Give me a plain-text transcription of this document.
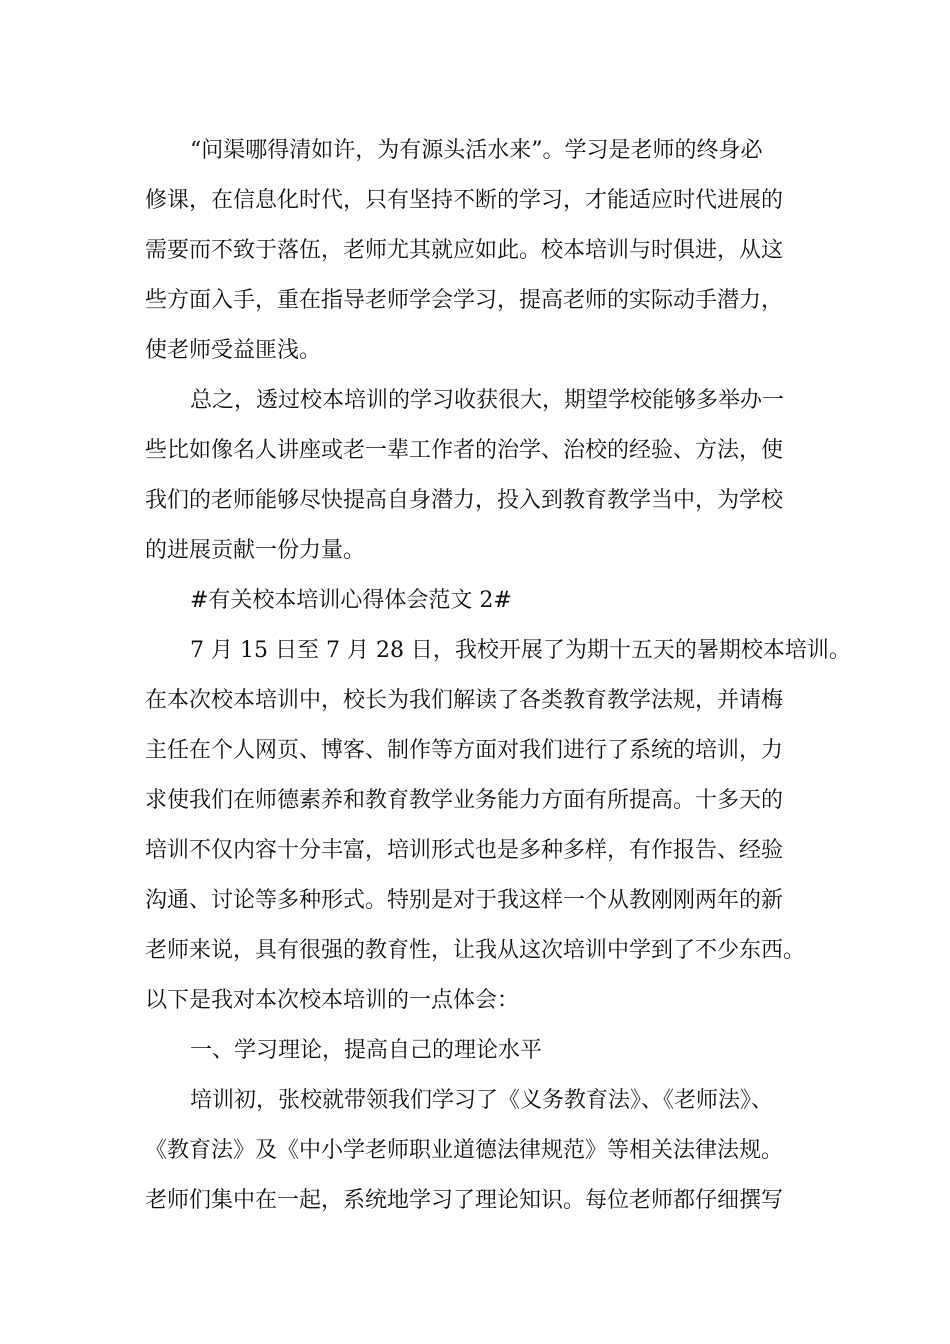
“问渠哪得清如许，为有源头活水来”。学习是老师的终身必
修课，在信息化时代，只有坚持不断的学习，才能适应时代进展的
需要而不致于落伍，老师尤其就应如此。校本培训与时俱进，从这
些方面入手，重在指导老师学会学习，提高老师的实际动手潜力，
使老师受益匪浅。
总之，透过校本培训的学习收获很大，期望学校能够多举办一
些比如像名人讲座或老一辈工作者的治学、治校的经验、方法，使
我们的老师能够尽快提高自身潜力，投入到教育教学当中，为学校
的进展贡献一份力量。
#有关校本培训心得体会范文 2#
7 月 15 日至 7 月 28 日，我校开展了为期十五天的暑期校本培训。
在本次校本培训中，校长为我们解读了各类教育教学法规，并请梅
主任在个人网页、博客、制作等方面对我们进行了系统的培训，力
求使我们在师德素养和教育教学业务能力方面有所提高。十多天的
培训不仅内容十分丰富，培训形式也是多种多样，有作报告、经验
沟通、讨论等多种形式。特别是对于我这样一个从教刚刚两年的新
老师来说，具有很强的教育性，让我从这次培训中学到了不少东西。
以下是我对本次校本培训的一点体会：
一、学习理论，提高自己的理论水平
培训初，张校就带领我们学习了《义务教育法》、《老师法》、
《教育法》及《中小学老师职业道德法律规范》等相关法律法规。
老师们集中在一起，系统地学习了理论知识。每位老师都仔细撰写
